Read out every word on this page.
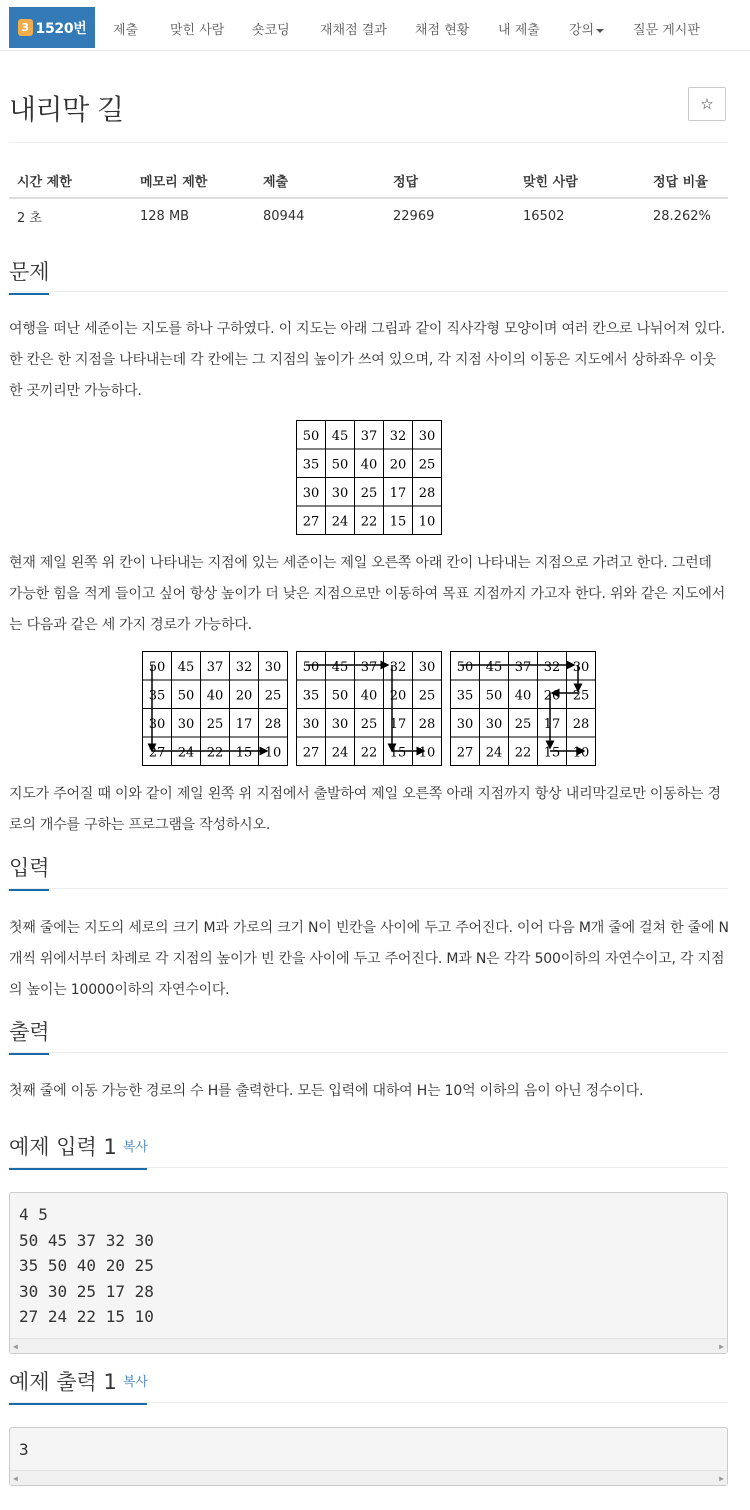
3 1520번 제출 맞힌 사람 숏코딩 재채점 결과 채점 현황 내 제출 강의	질문 게시판
내리막 길	☆
시간 제한	메모리 제한	제출	정답	맞힌 사람	정답 비율
2 초	128 MB	80944	22969	16502	28.262%
문제
여행을 떠난 세준이는 지도를 하나 구하였다. 이 지도는 아래 그림과 같이 직사각형 모양이며 여러 칸으로 나뉘어져 있다. 한 칸은 한 지점을 나타내는데 각 칸에는 그 지점의 높이가 쓰여 있으며, 각 지점 사이의 이동은 지도에서 상하좌우 이웃한 곳끼리만 가능하다.
50 45 37 32 30
35 50 40 20 25
30 30 25 17 28
27 24 22 15 10
현재 제일 왼쪽 위 칸이 나타내는 지점에 있는 세준이는 제일 오른쪽 아래 칸이 나타내는 지점으로 가려고 한다. 그런데 가능한 힘을 적게 들이고 싶어 항상 높이가 더 낮은 지점으로만 이동하여 목표 지점까지 가고자 한다. 위와 같은 지도에서는 다음과 같은 세 가지 경로가 가능하다.
50 45 37 32 30
35 50 40 20 25
30 30 25 17 28
27 24 22 15 10
50 45 37 32 30
35 50 40 20 25
30 30 25 17 28
27 24 22 15 10
50 45 37 32 30
35 50 40 20 25
30 30 25 17 28
27 24 22 15 10
지도가 주어질 때 이와 같이 제일 왼쪽 위 지점에서 출발하여 제일 오른쪽 아래 지점까지 항상 내리막길로만 이동하는 경로의 개수를 구하는 프로그램을 작성하시오.
입력
첫째 줄에는 지도의 세로의 크기 M과 가로의 크기 N이 빈칸을 사이에 두고 주어진다. 이어 다음 M개 줄에 걸쳐 한 줄에 N개씩 위에서부터 차례로 각 지점의 높이가 빈 칸을 사이에 두고 주어진다. M과 N은 각각 500이하의 자연수이고, 각 지점의 높이는 10000이하의 자연수이다.
출력
첫째 줄에 이동 가능한 경로의 수 H를 출력한다. 모든 입력에 대하여 H는 10억 이하의 음이 아닌 정수이다.
예제 입력 1 복사
4 5
50 45 37 32 30
35 50 40 20 25
30 30 25 17 28
27 24 22 15 10
◀	▶
예제 출력 1 복사
3
◀	▶
